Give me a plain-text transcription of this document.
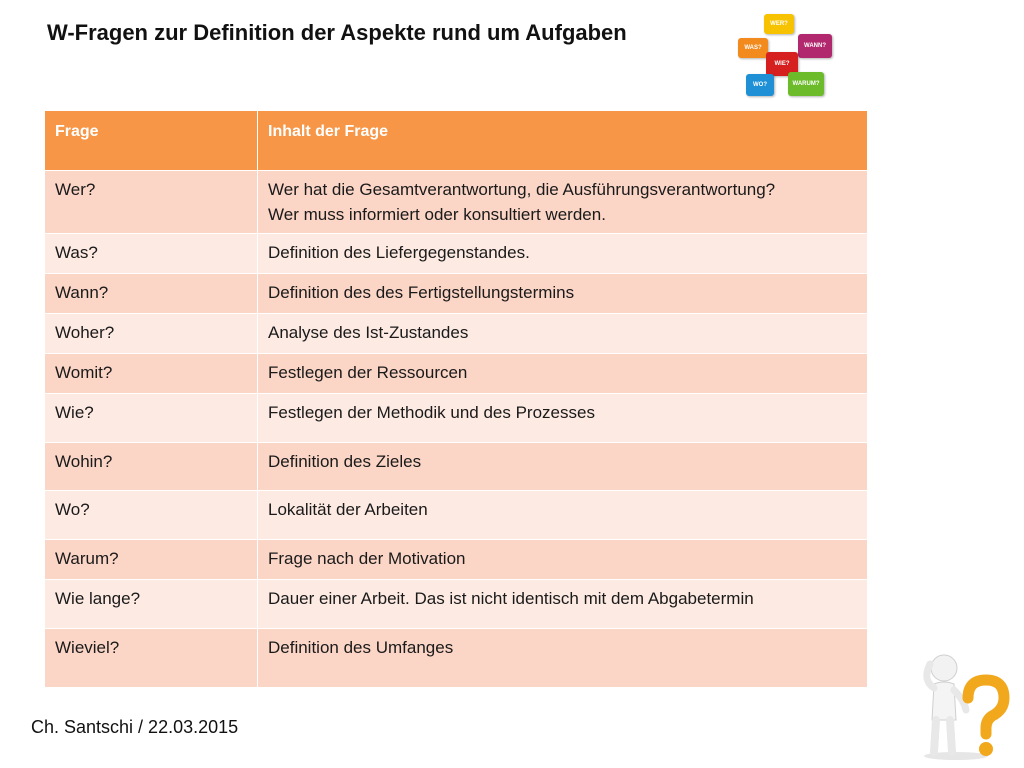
W-Fragen zur Definition der Aspekte rund um Aufgaben	WER?
WAS?	WANN?
WIE?
WO?	WARUM?
Frage	Inhalt der Frage
Wer?	Wer hat die Gesamtverantwortung, die Ausführungsverantwortung?
Wer muss informiert oder konsultiert werden.

Was?	Definition des Liefergegenstandes.
Wann?	Definition des des Fertigstellungstermins
Woher?	Analyse des Ist-Zustandes
Womit?	Festlegen der Ressourcen
Wie?	Festlegen der Methodik und des Prozesses
Wohin?	Definition des Zieles
Wo?	Lokalität der Arbeiten
Warum?	Frage nach der Motivation
Wie lange?	Dauer einer Arbeit. Das ist nicht identisch mit dem Abgabetermin
Wieviel?	Definition des Umfanges
Ch. Santschi / 22.03.2015
